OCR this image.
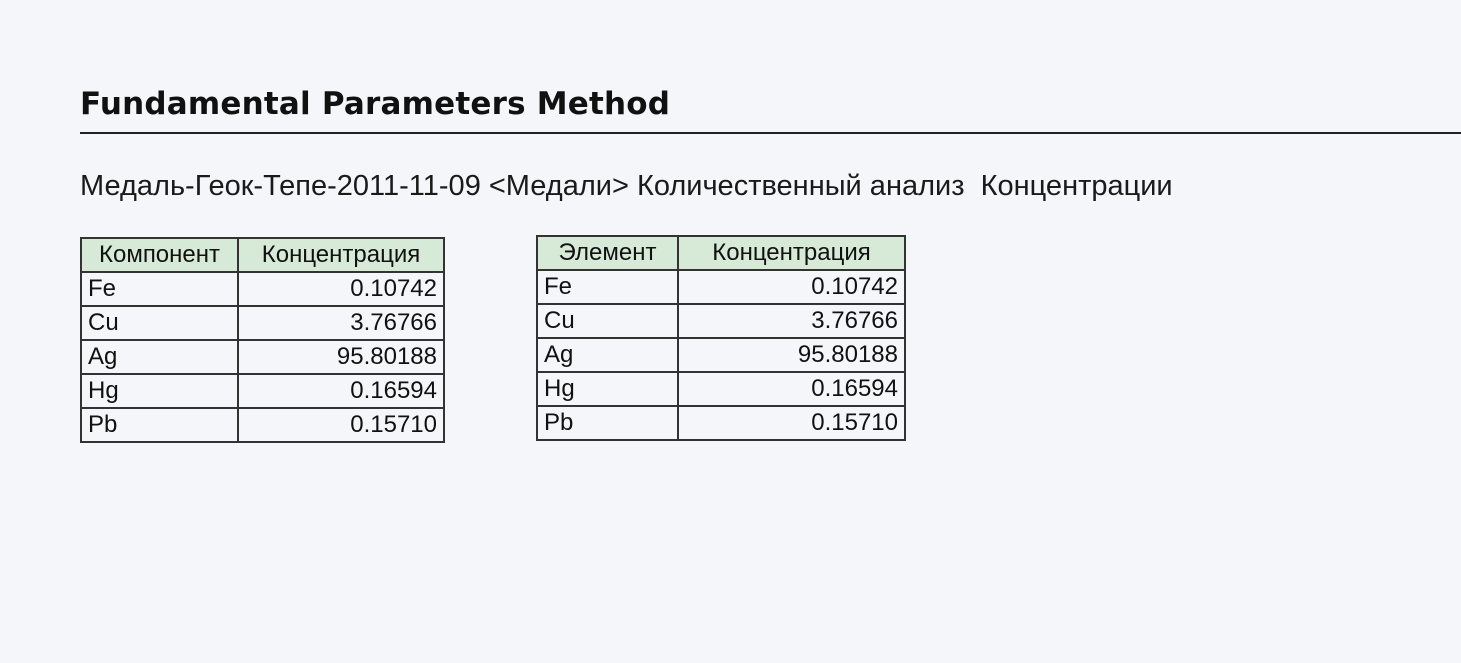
Fundamental Parameters Method
Медаль-Геок-Тепе-2011-11-09 <Медали> Количественный анализ  Концентрации
Компонент	Концентрация
Fe	0.10742
Cu	3.76766
Ag	95.80188
Hg	0.16594
Pb	0.15710
Элемент	Концентрация
Fe	0.10742
Cu	3.76766
Ag	95.80188
Hg	0.16594
Pb	0.15710
